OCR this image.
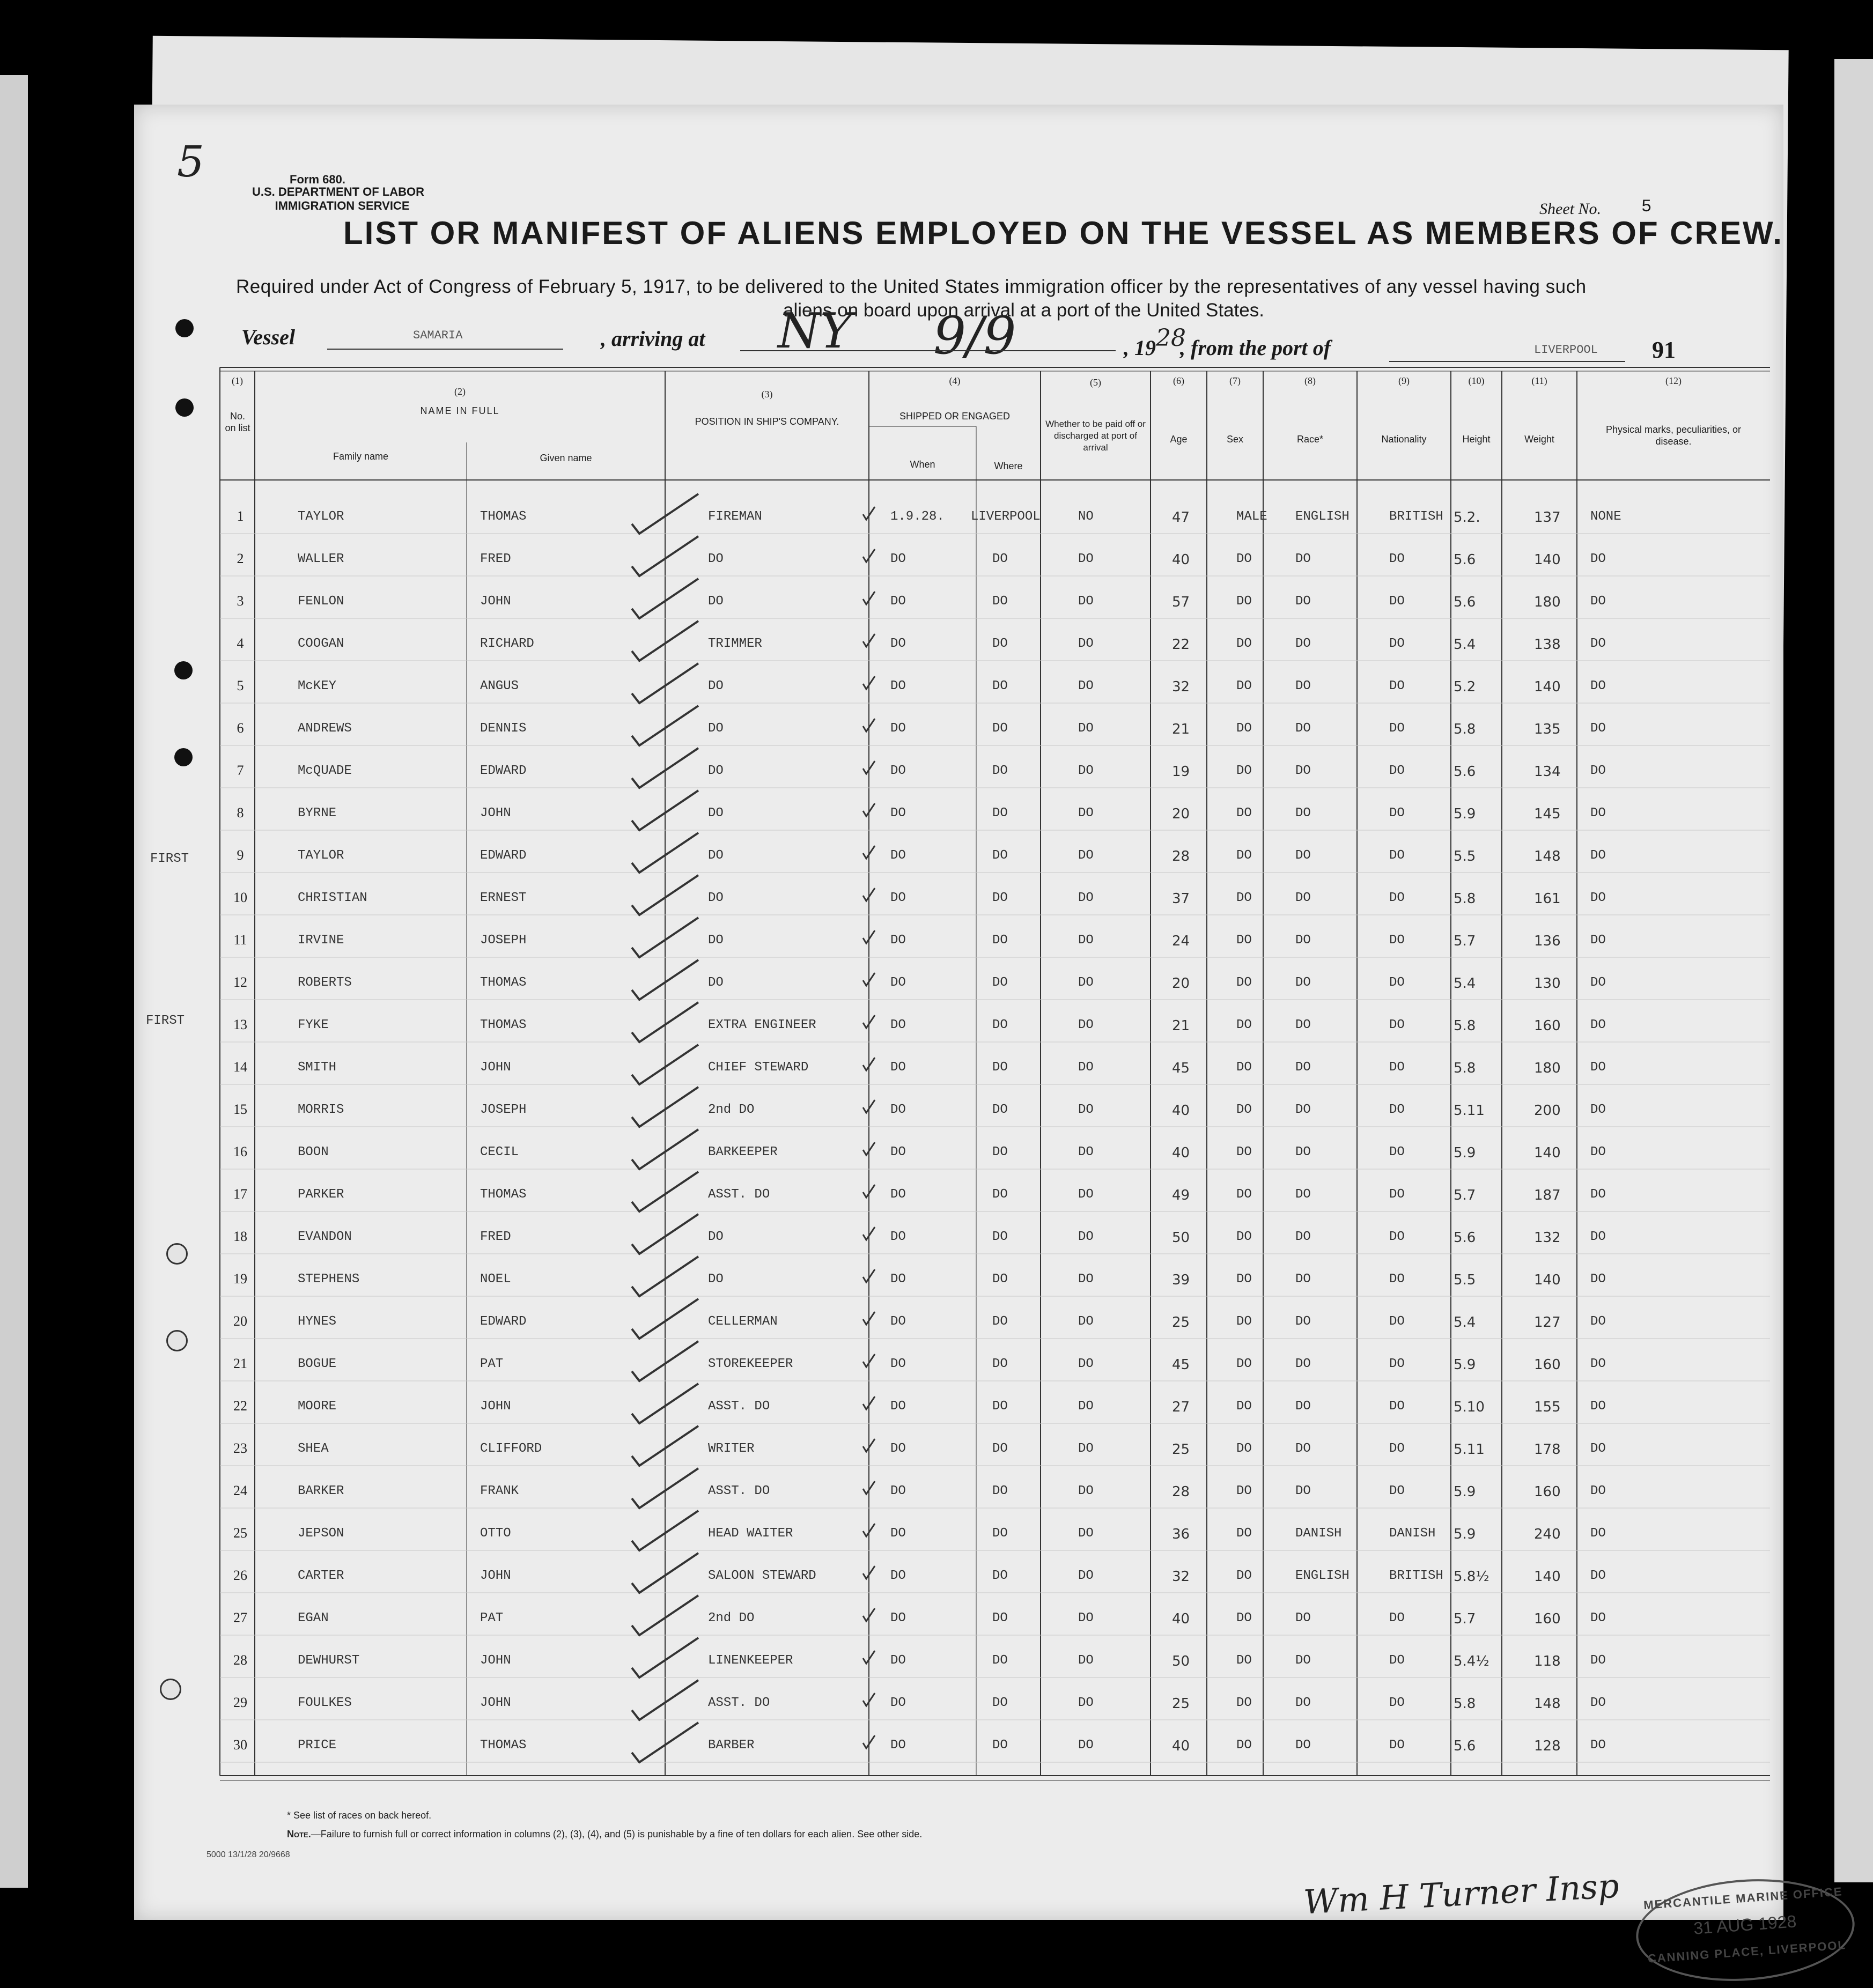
5	Form 680.
U.S. DEPARTMENT OF LABOR
IMMIGRATION SERVICE	Sheet No. 5
LIST OR MANIFEST OF ALIENS EMPLOYED ON THE VESSEL AS MEMBERS OF CREW.
Required under Act of Congress of February 5, 1917, to be delivered to the United States immigration officer by the representatives of any vessel having such
aliens on board upon arrival at a port of the United States.
Vessel	SAMARIA	, arriving at NY 9/9	, 19 28
, from the port of	LIVERPOOL 91
(1)
No. on list
(2)
NAME IN FULL
Family name	Given name
(3)
POSITION IN SHIP'S COMPANY.
(4)
SHIPPED OR ENGAGED
When	Where
(5)
Whether to be paid off or discharged at port of arrival
(6)
Age
(7)
Sex
(8)
Race*
(9)
Nationality
(10)
Height
(11)
Weight
(12)
Physical marks, peculiarities, or disease.
FIRST
FIRST
1	TAYLOR	THOMAS	FIREMAN	1.9.28. LIVERPOOL	NO	47	MALE ENGLISH	BRITISH 5.2.	137 NONE
2	WALLER	FRED	DO	DO	DO	DO	40	DO	DO	DO	5.6	140 DO
3	FENLON	JOHN	DO	DO	DO	DO	57	DO	DO	DO	5.6	180 DO
4	COOGAN	RICHARD	TRIMMER	DO	DO	DO	22	DO	DO	DO	5.4	138 DO
5	McKEY	ANGUS	DO	DO	DO	DO	32	DO	DO	DO	5.2	140 DO
6	ANDREWS	DENNIS	DO	DO	DO	DO	21	DO	DO	DO	5.8	135 DO
7	McQUADE	EDWARD	DO	DO	DO	DO	19	DO	DO	DO	5.6	134 DO
8	BYRNE	JOHN	DO	DO	DO	DO	20	DO	DO	DO	5.9	145 DO
9	TAYLOR	EDWARD	DO	DO	DO	DO	28	DO	DO	DO	5.5	148 DO
10	CHRISTIAN	ERNEST	DO	DO	DO	DO	37	DO	DO	DO	5.8	161 DO
11	IRVINE	JOSEPH	DO	DO	DO	DO	24	DO	DO	DO	5.7	136 DO
12	ROBERTS	THOMAS	DO	DO	DO	DO	20	DO	DO	DO	5.4	130 DO
13	FYKE	THOMAS	EXTRA ENGINEER	DO	DO	DO	21	DO	DO	DO	5.8	160 DO
14	SMITH	JOHN	CHIEF STEWARD	DO	DO	DO	45	DO	DO	DO	5.8	180 DO
15	MORRIS	JOSEPH	2nd DO	DO	DO	DO	40	DO	DO	DO	5.11	200 DO
16	BOON	CECIL	BARKEEPER	DO	DO	DO	40	DO	DO	DO	5.9	140 DO
17	PARKER	THOMAS	ASST. DO	DO	DO	DO	49	DO	DO	DO	5.7	187 DO
18	EVANDON	FRED	DO	DO	DO	DO	50	DO	DO	DO	5.6	132 DO
19	STEPHENS	NOEL	DO	DO	DO	DO	39	DO	DO	DO	5.5	140 DO
20	HYNES	EDWARD	CELLERMAN	DO	DO	DO	25	DO	DO	DO	5.4	127 DO
21	BOGUE	PAT	STOREKEEPER	DO	DO	DO	45	DO	DO	DO	5.9	160 DO
22	MOORE	JOHN	ASST. DO	DO	DO	DO	27	DO	DO	DO	5.10	155 DO
23	SHEA	CLIFFORD	WRITER	DO	DO	DO	25	DO	DO	DO	5.11	178 DO
24	BARKER	FRANK	ASST. DO	DO	DO	DO	28	DO	DO	DO	5.9	160 DO
25	JEPSON	OTTO	HEAD WAITER	DO	DO	DO	36	DO	DANISH	DANISH 5.9	240 DO
26	CARTER	JOHN	SALOON STEWARD	DO	DO	DO	32	DO	ENGLISH	BRITISH 5.8½	140 DO
27	EGAN	PAT	2nd DO	DO	DO	DO	40	DO	DO	DO	5.7	160 DO
28	DEWHURST	JOHN	LINENKEEPER	DO	DO	DO	50	DO	DO	DO	5.4½	118 DO
29	FOULKES	JOHN	ASST. DO	DO	DO	DO	25	DO	DO	DO	5.8	148 DO
30	PRICE	THOMAS	BARBER	DO	DO	DO	40	DO	DO	DO	5.6	128 DO
* See list of races on back hereof.
Note.—Failure to furnish full or correct information in columns (2), (3), (4), and (5) is punishable by a fine of ten dollars for each alien. See other side.
5000 13/1/28 20/9668
Wm H Turner Insp	MERCANTILE MARINE OFFICE
31 AUG 1928
CANNING PLACE, LIVERPOOL
